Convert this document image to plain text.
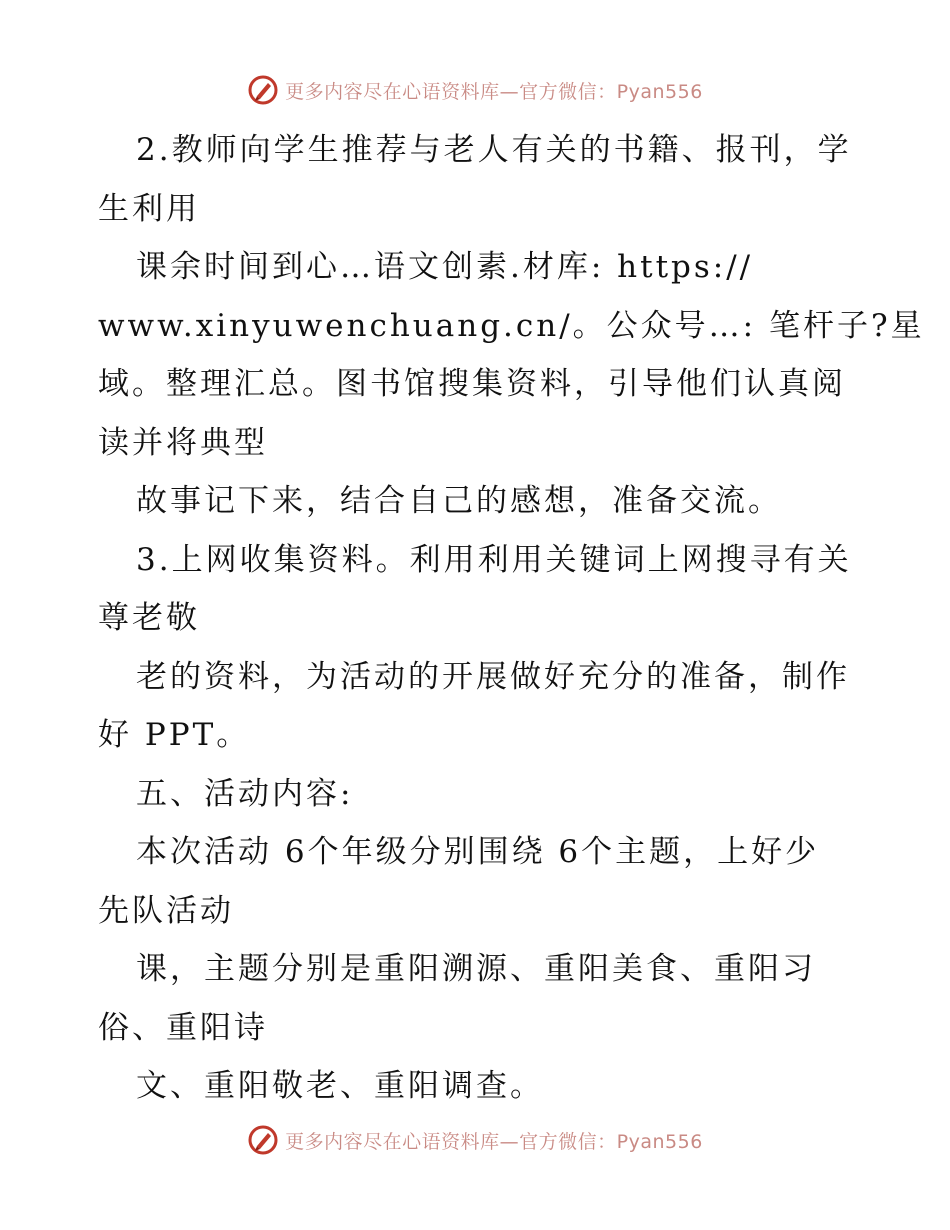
更多内容尽在心语资料库—官方微信：Pyan556
2.教师向学生推荐与老人有关的书籍、报刊，学
生利用
课余时间到心…语文创素.材库: https://
www.xinyuwenchuang.cn/。公众号…: 笔杆子?星
域。整理汇总。图书馆搜集资料，引导他们认真阅
读并将典型
故事记下来，结合自己的感想，准备交流。
3.上网收集资料。利用利用关键词上网搜寻有关
尊老敬
老的资料，为活动的开展做好充分的准备，制作
好 PPT。
五、活动内容:
本次活动 6个年级分别围绕 6个主题，上好少
先队活动
课，主题分别是重阳溯源、重阳美食、重阳习
俗、重阳诗
文、重阳敬老、重阳调查。
更多内容尽在心语资料库—官方微信：Pyan556
